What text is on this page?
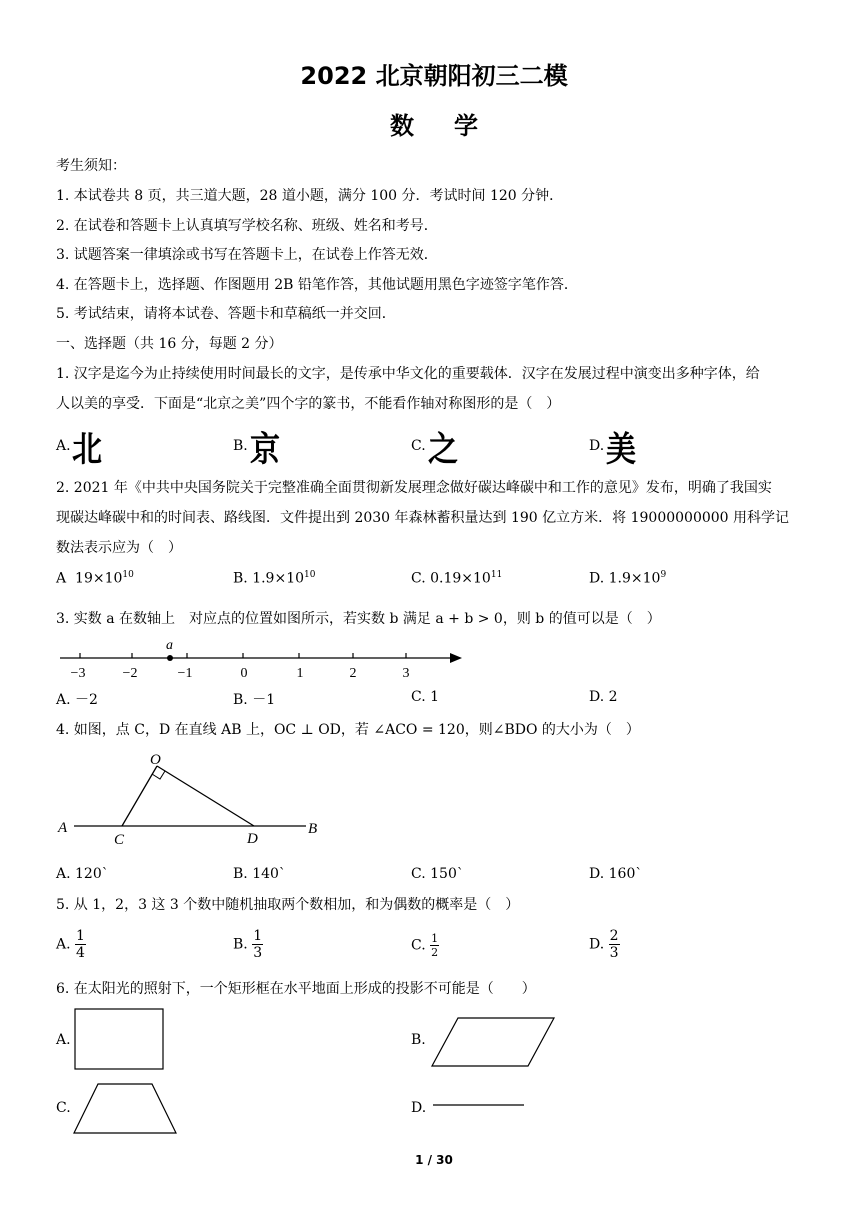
2022 北京朝阳初三二模
数学
考生须知：
1. 本试卷共 8 页，共三道大题，28 道小题，满分 100 分．考试时间 120 分钟．
2. 在试卷和答题卡上认真填写学校名称、班级、姓名和考号．
3. 试题答案一律填涂或书写在答题卡上，在试卷上作答无效．
4. 在答题卡上，选择题、作图题用 2B 铅笔作答，其他试题用黑色字迹签字笔作答．
5. 考试结束，请将本试卷、答题卡和草稿纸一并交回．
一、选择题（共 16 分，每题 2 分）
1. 汉字是迄今为止持续使用时间最长的文字，是传承中华文化的重要载体．汉字在发展过程中演变出多种字体，给
人以美的享受．下面是“北京之美”四个字的篆书，不能看作轴对称图形的是（　）
A. 北	B. 京	C. 之	D. 美
2. 2021 年《中共中央国务院关于完整准确全面贯彻新发展理念做好碳达峰碳中和工作的意见》发布，明确了我国实
现碳达峰碳中和的时间表、路线图．文件提出到 2030 年森林蓄积量达到 190 亿立方米．将 19000000000 用科学记
数法表示应为（　）
A $19\times 10^{10}$	B. $1.9\times 10^{10}$	C. $0.19\times 10^{11}$	D. $1.9\times 10^9$
3. 实数 a 在数轴上　对应点的位置如图所示，若实数 b 满足 a + b > 0，则 b 的值可以是（　）
a
−3	−2	−1	0	1	2	3
A. －2	B. －1	C. 1	D. 2
4. 如图，点 C，D 在直线 AB 上，OC ⊥ OD，若 ∠ACO = 120，则∠BDO 的大小为（　）
O
A
C	D
B
A. 120`	B. 140`	C. 150`	D. 160`
5. 从 1，2，3 这 3 个数中随机抽取两个数相加，和为偶数的概率是（　）
A. $\frac{1}{4}$	B. $\frac{1}{3}$	C. $\frac{1}{2}$	D. $\frac{2}{3}$
6. 在太阳光的照射下，一个矩形框在水平地面上形成的投影不可能是（　　）
A.	B.
C.	D.
1 / 30
